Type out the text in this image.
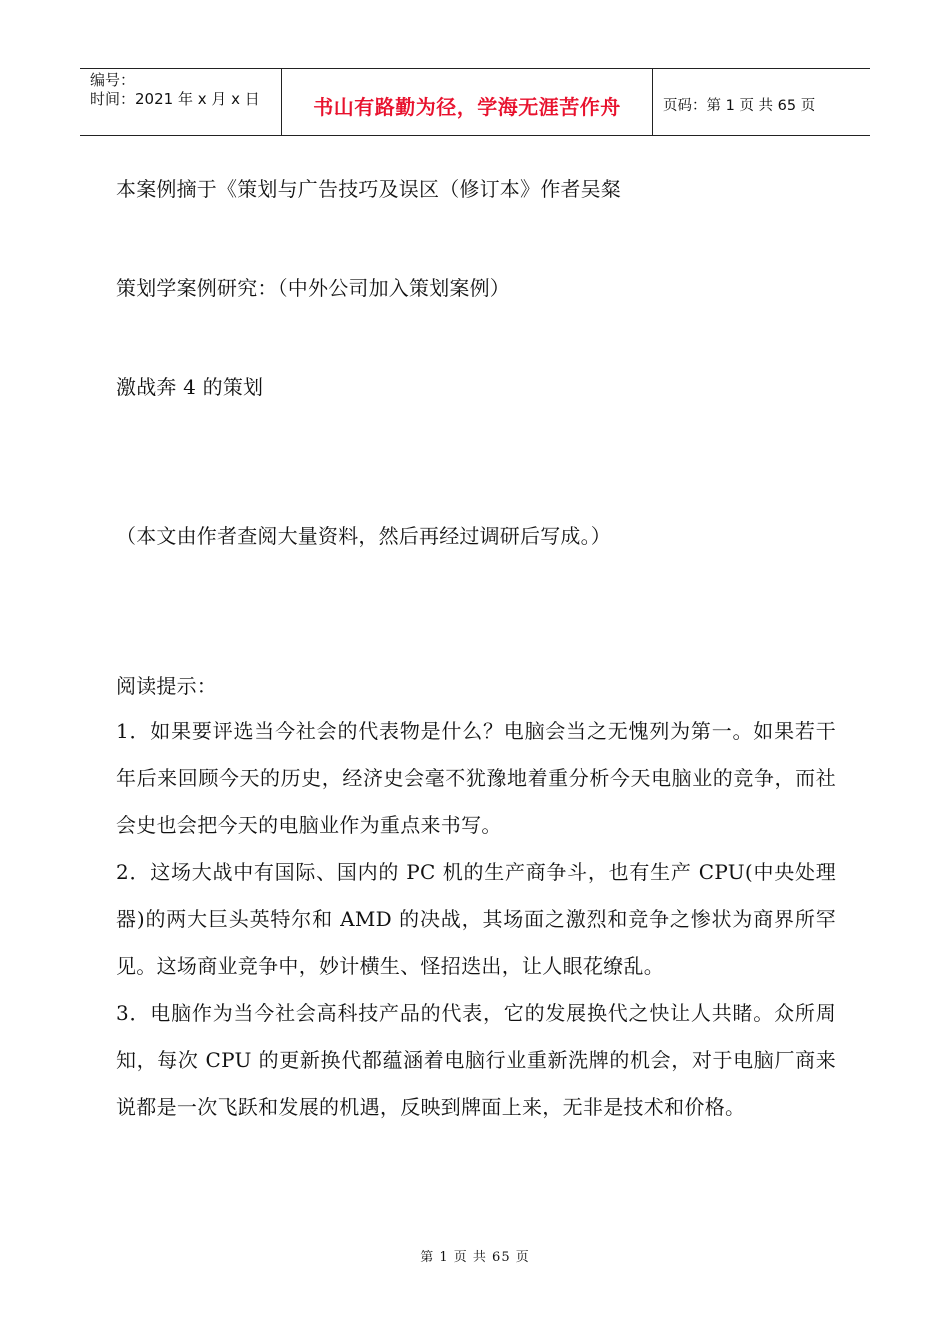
编号：
时间：2021 年 x 月 x 日	书山有路勤为径，学海无涯苦作舟	页码：第 1 页 共 65 页
本案例摘于《策划与广告技巧及误区（修订本》作者吴粲
策划学案例研究：（中外公司加入策划案例）
激战奔 4 的策划
（本文由作者查阅大量资料，然后再经过调研后写成。）
阅读提示：
1．如果要评选当今社会的代表物是什么？电脑会当之无愧列为第一。如果若干年后来回顾今天的历史，经济史会毫不犹豫地着重分析今天电脑业的竞争，而社会史也会把今天的电脑业作为重点来书写。
2．这场大战中有国际、国内的 PC 机的生产商争斗，也有生产 CPU(中央处理器)的两大巨头英特尔和 AMD 的决战，其场面之激烈和竞争之惨状为商界所罕见。这场商业竞争中，妙计横生、怪招迭出，让人眼花缭乱。
3．电脑作为当今社会高科技产品的代表，它的发展换代之快让人共睹。众所周知，每次 CPU 的更新换代都蕴涵着电脑行业重新洗牌的机会，对于电脑厂商来说都是一次飞跃和发展的机遇，反映到牌面上来，无非是技术和价格。
第 1 页 共 65 页
